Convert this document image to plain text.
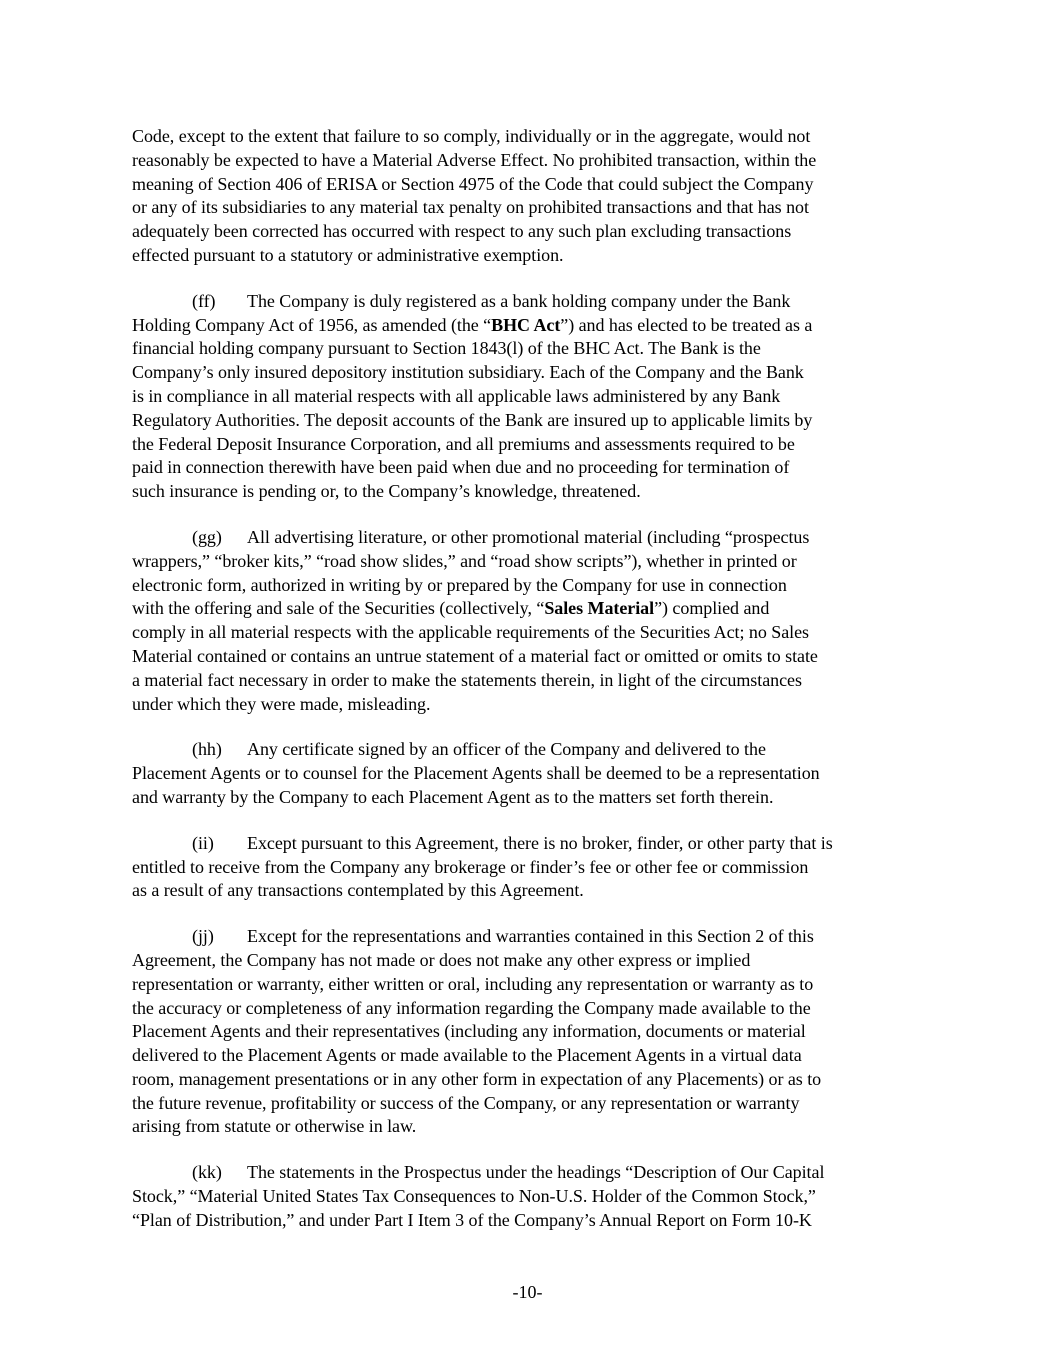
Code, except to the extent that failure to so comply, individually or in the aggregate, would not
reasonably be expected to have a Material Adverse Effect. No prohibited transaction, within the
meaning of Section 406 of ERISA or Section 4975 of the Code that could subject the Company
or any of its subsidiaries to any material tax penalty on prohibited transactions and that has not
adequately been corrected has occurred with respect to any such plan excluding transactions
effected pursuant to a statutory or administrative exemption.
(ff) The Company is duly registered as a bank holding company under the Bank
Holding Company Act of 1956, as amended (the “BHC Act”) and has elected to be treated as a
financial holding company pursuant to Section 1843(l) of the BHC Act. The Bank is the
Company’s only insured depository institution subsidiary. Each of the Company and the Bank
is in compliance in all material respects with all applicable laws administered by any Bank
Regulatory Authorities. The deposit accounts of the Bank are insured up to applicable limits by
the Federal Deposit Insurance Corporation, and all premiums and assessments required to be
paid in connection therewith have been paid when due and no proceeding for termination of
such insurance is pending or, to the Company’s knowledge, threatened.
(gg) All advertising literature, or other promotional material (including “prospectus
wrappers,” “broker kits,” “road show slides,” and “road show scripts”), whether in printed or
electronic form, authorized in writing by or prepared by the Company for use in connection
with the offering and sale of the Securities (collectively, “Sales Material”) complied and
comply in all material respects with the applicable requirements of the Securities Act; no Sales
Material contained or contains an untrue statement of a material fact or omitted or omits to state
a material fact necessary in order to make the statements therein, in light of the circumstances
under which they were made, misleading.
(hh) Any certificate signed by an officer of the Company and delivered to the
Placement Agents or to counsel for the Placement Agents shall be deemed to be a representation
and warranty by the Company to each Placement Agent as to the matters set forth therein.
(ii) Except pursuant to this Agreement, there is no broker, finder, or other party that is
entitled to receive from the Company any brokerage or finder’s fee or other fee or commission
as a result of any transactions contemplated by this Agreement.
(jj) Except for the representations and warranties contained in this Section 2 of this
Agreement, the Company has not made or does not make any other express or implied
representation or warranty, either written or oral, including any representation or warranty as to
the accuracy or completeness of any information regarding the Company made available to the
Placement Agents and their representatives (including any information, documents or material
delivered to the Placement Agents or made available to the Placement Agents in a virtual data
room, management presentations or in any other form in expectation of any Placements) or as to
the future revenue, profitability or success of the Company, or any representation or warranty
arising from statute or otherwise in law.
(kk) The statements in the Prospectus under the headings “Description of Our Capital
Stock,” “Material United States Tax Consequences to Non-U.S. Holder of the Common Stock,”
“Plan of Distribution,” and under Part I Item 3 of the Company’s Annual Report on Form 10-K
-10-
